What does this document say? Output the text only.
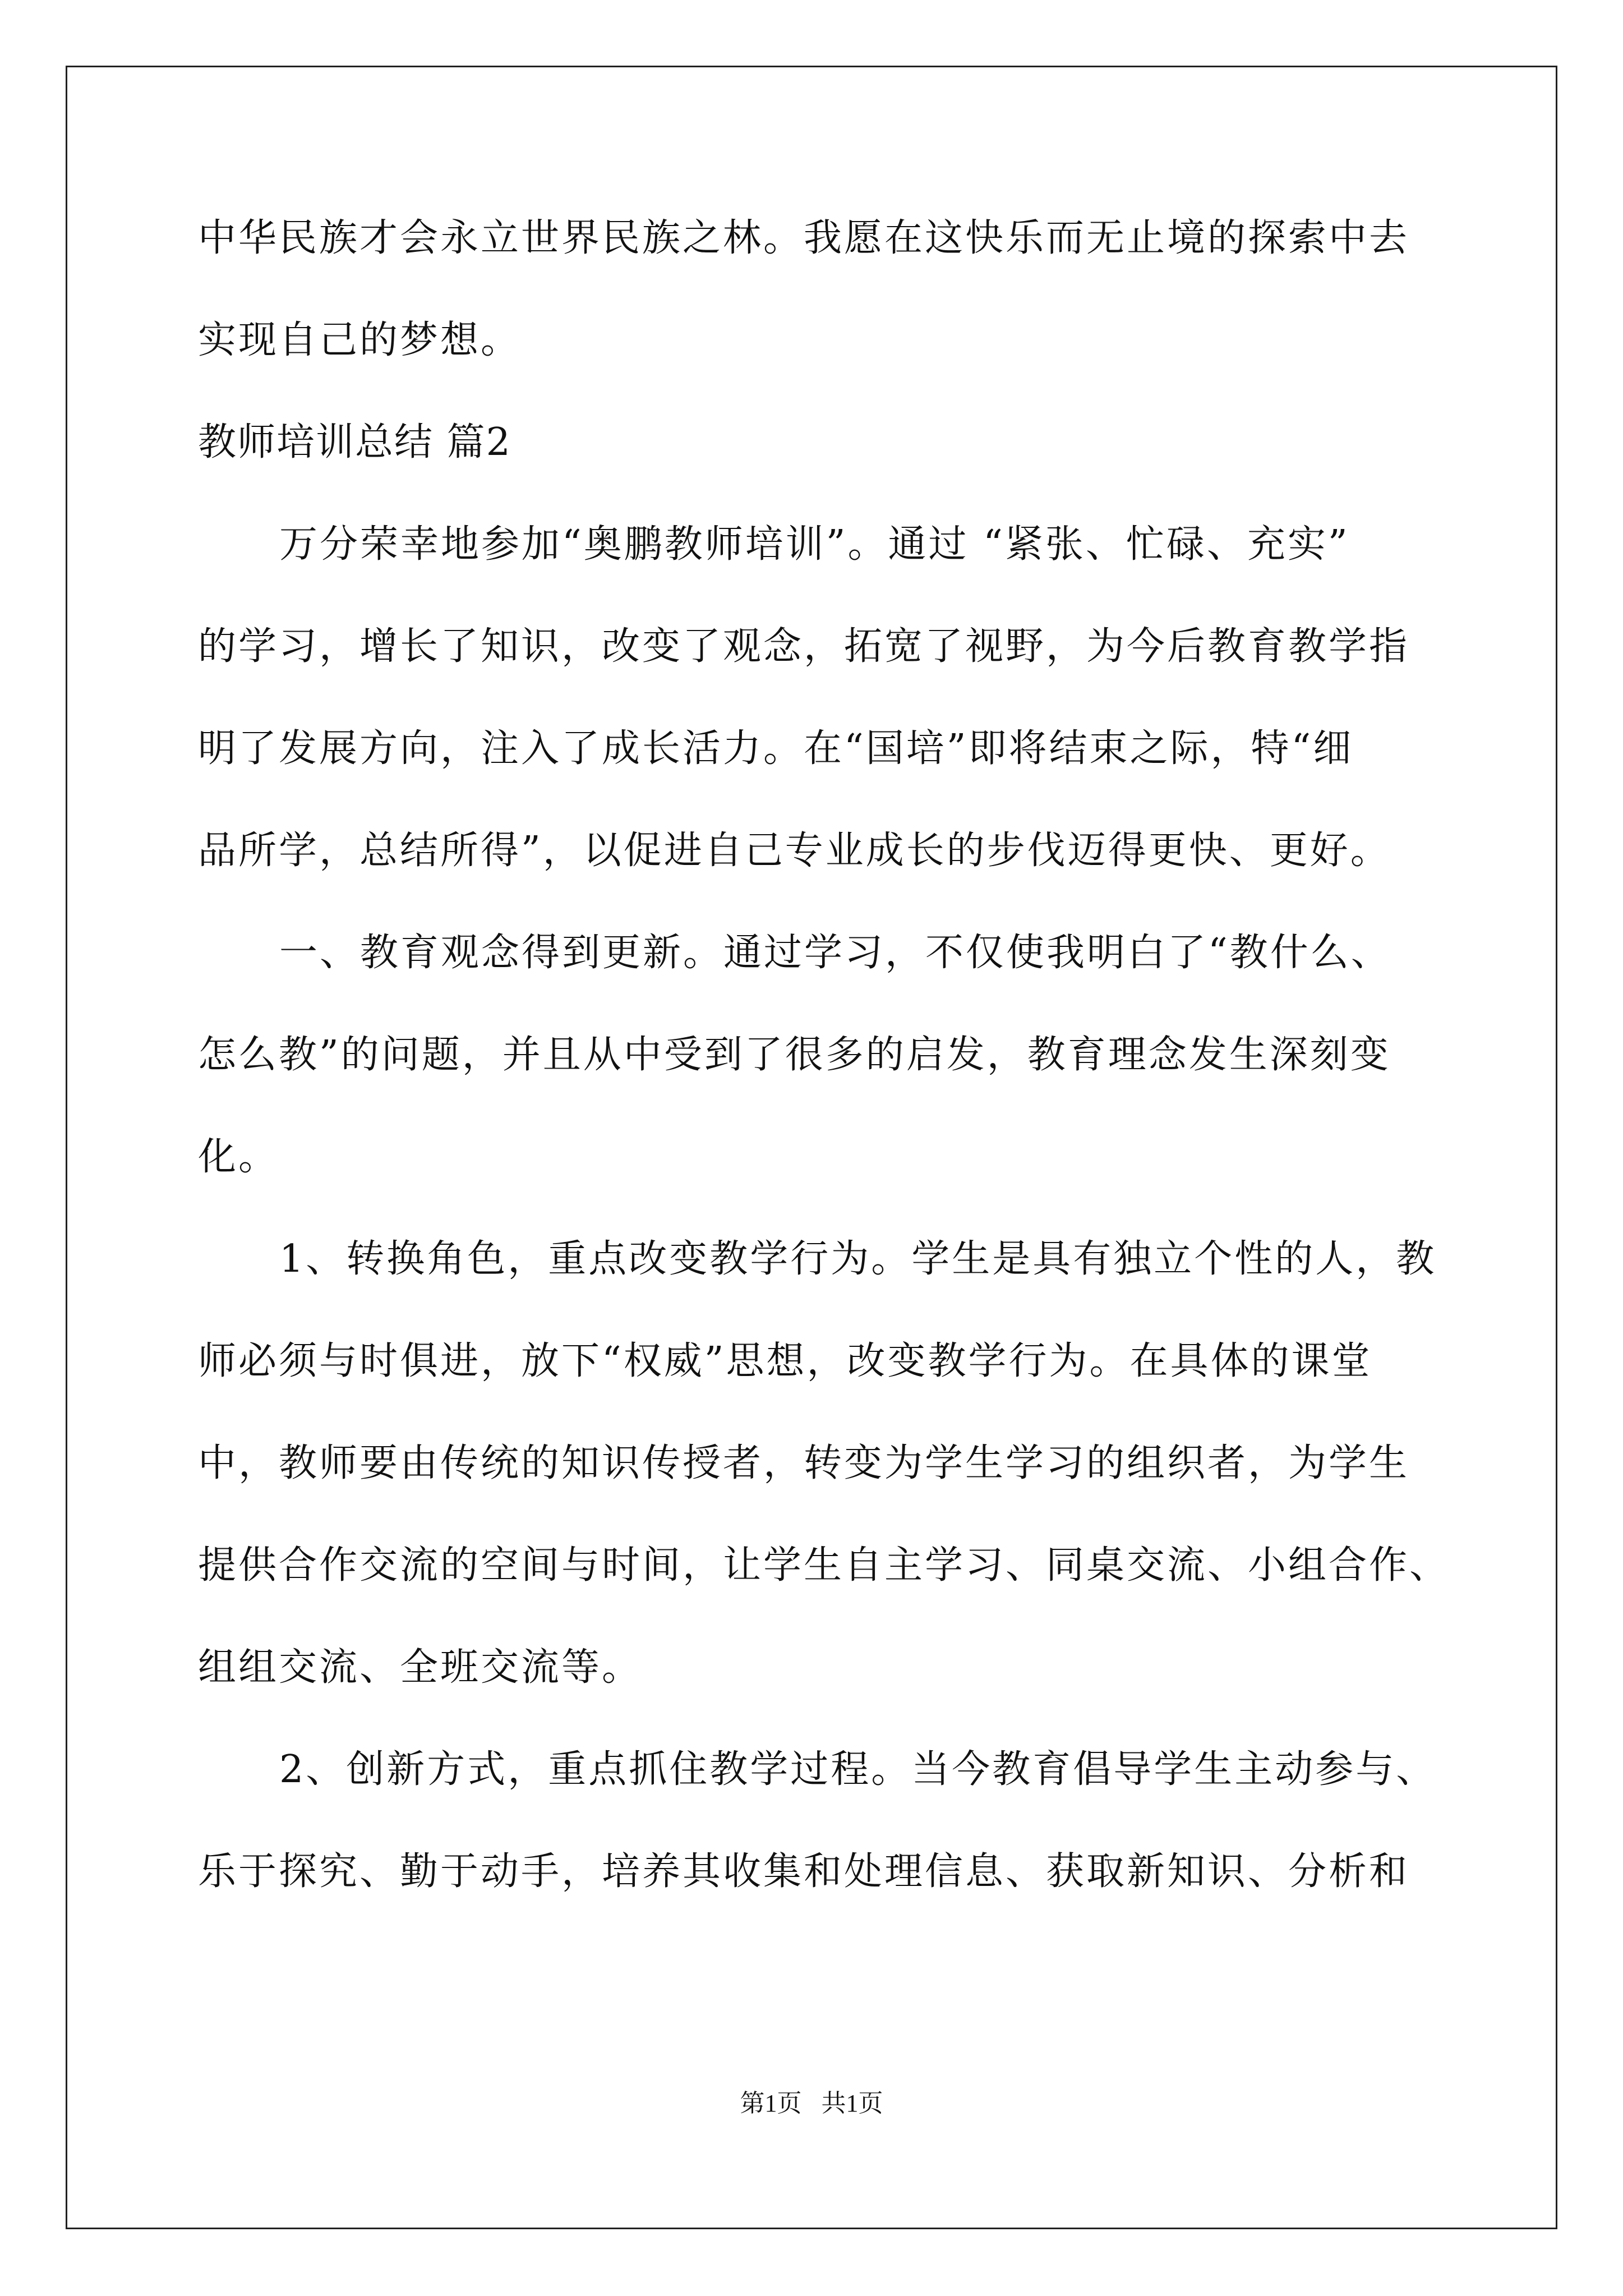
中华民族才会永立世界民族之林。我愿在这快乐而无止境的探索中去
实现自己的梦想。
教师培训总结 篇2
万分荣幸地参加“奥鹏教师培训”。通过 “紧张、忙碌、充实”
的学习，增长了知识，改变了观念，拓宽了视野，为今后教育教学指
明了发展方向，注入了成长活力。在“国培”即将结束之际，特“细
品所学，总结所得”，以促进自己专业成长的步伐迈得更快、更好。
一、教育观念得到更新。通过学习，不仅使我明白了“教什么、
怎么教”的问题，并且从中受到了很多的启发，教育理念发生深刻变
化。
1、转换角色，重点改变教学行为。学生是具有独立个性的人，教
师必须与时俱进，放下“权威”思想，改变教学行为。在具体的课堂
中，教师要由传统的知识传授者，转变为学生学习的组织者，为学生
提供合作交流的空间与时间，让学生自主学习、同桌交流、小组合作、
组组交流、全班交流等。
2、创新方式，重点抓住教学过程。当今教育倡导学生主动参与、
乐于探究、勤于动手，培养其收集和处理信息、获取新知识、分析和
第1页 共1页
